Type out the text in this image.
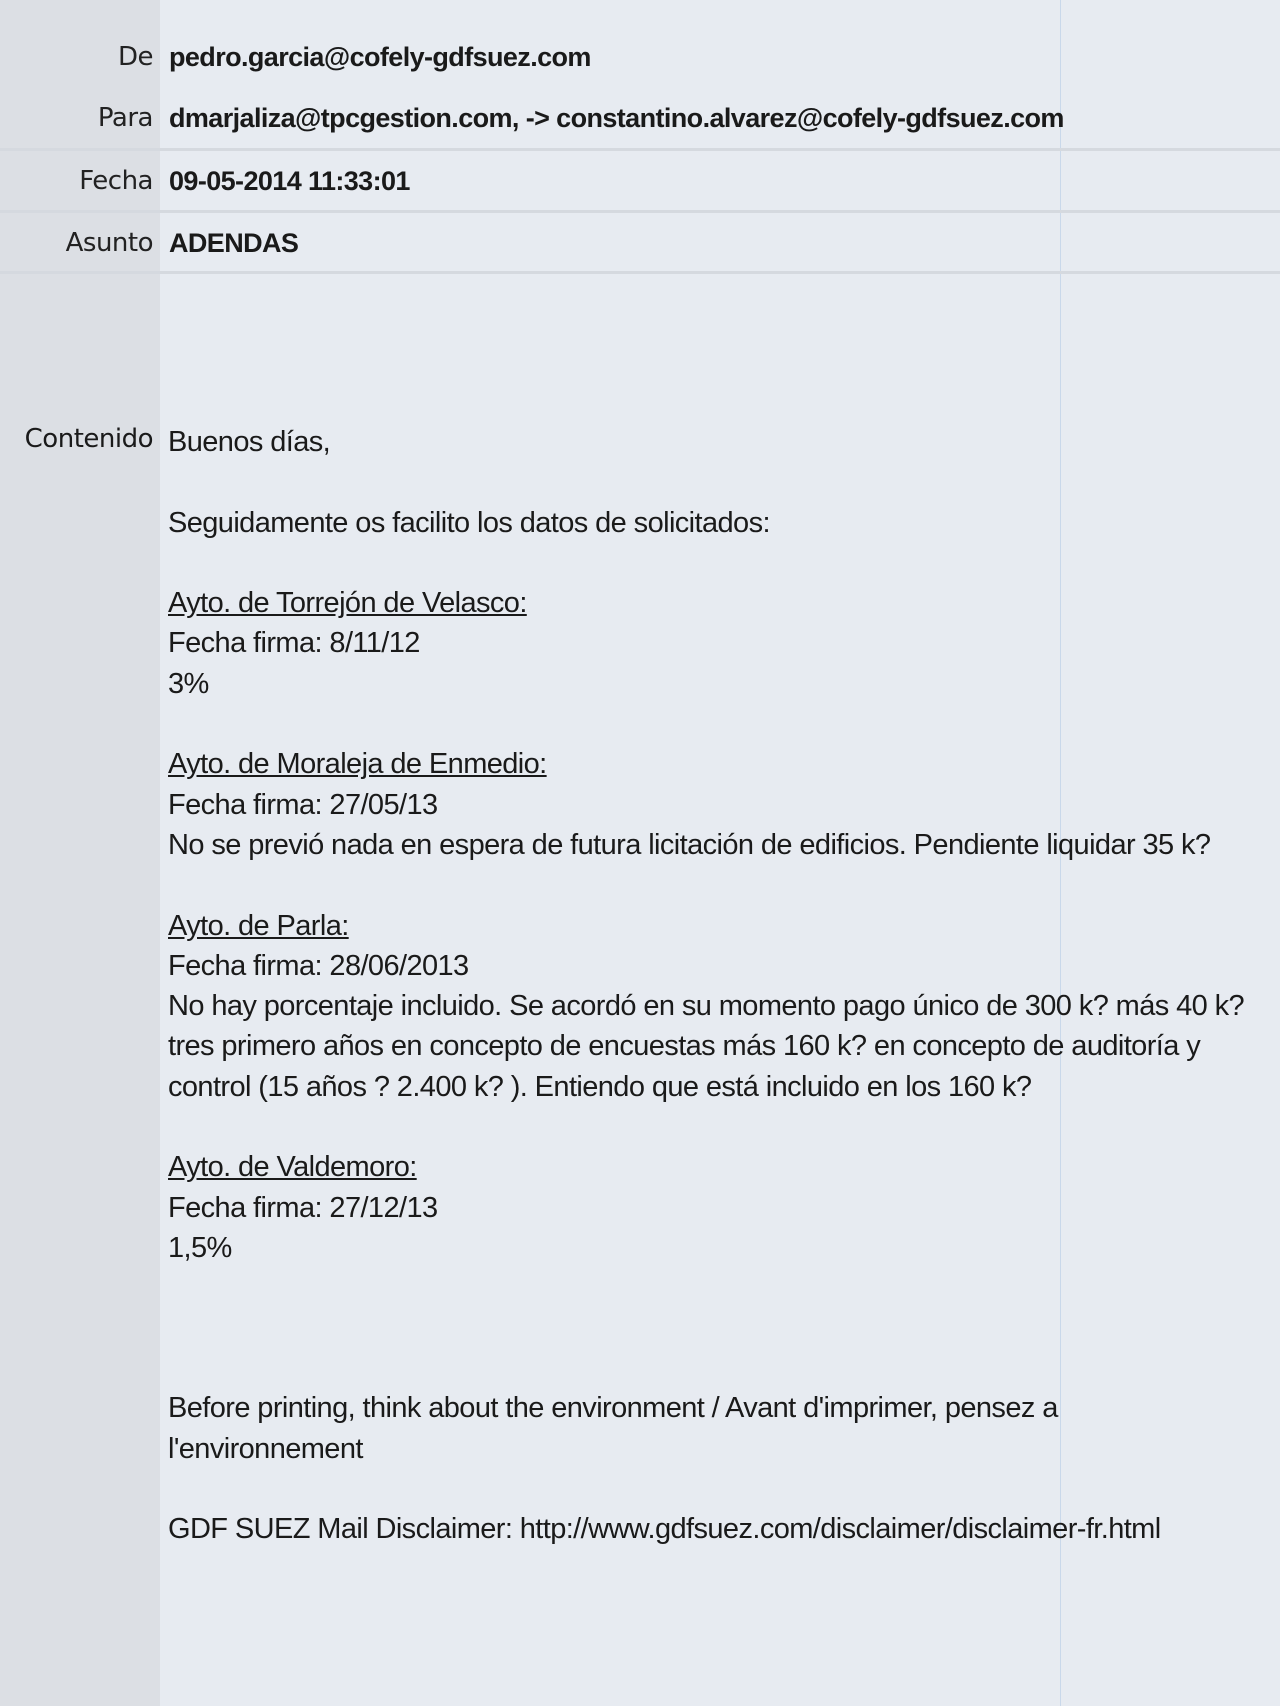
De pedro.garcia@cofely-gdfsuez.com
Para dmarjaliza@tpcgestion.com, -> constantino.alvarez@cofely-gdfsuez.com
Fecha 09-05-2014 11:33:01
Asunto ADENDAS
Contenido Buenos días,

Seguidamente os facilito los datos de solicitados:

Ayto. de Torrejón de Velasco:
Fecha firma: 8/11/12
3%

Ayto. de Moraleja de Enmedio:
Fecha firma: 27/05/13
No se previó nada en espera de futura licitación de edificios. Pendiente liquidar 35 k?

Ayto. de Parla:
Fecha firma: 28/06/2013
No hay porcentaje incluido. Se acordó en su momento pago único de 300 k? más 40 k? tres primero años en concepto de encuestas más 160 k? en concepto de auditoría y control (15 años ? 2.400 k? ). Entiendo que está incluido en los 160 k?

Ayto. de Valdemoro:
Fecha firma: 27/12/13
1,5%

Before printing, think about the environment / Avant d'imprimer, pensez a l'environnement

GDF SUEZ Mail Disclaimer: http://www.gdfsuez.com/disclaimer/disclaimer-fr.html
